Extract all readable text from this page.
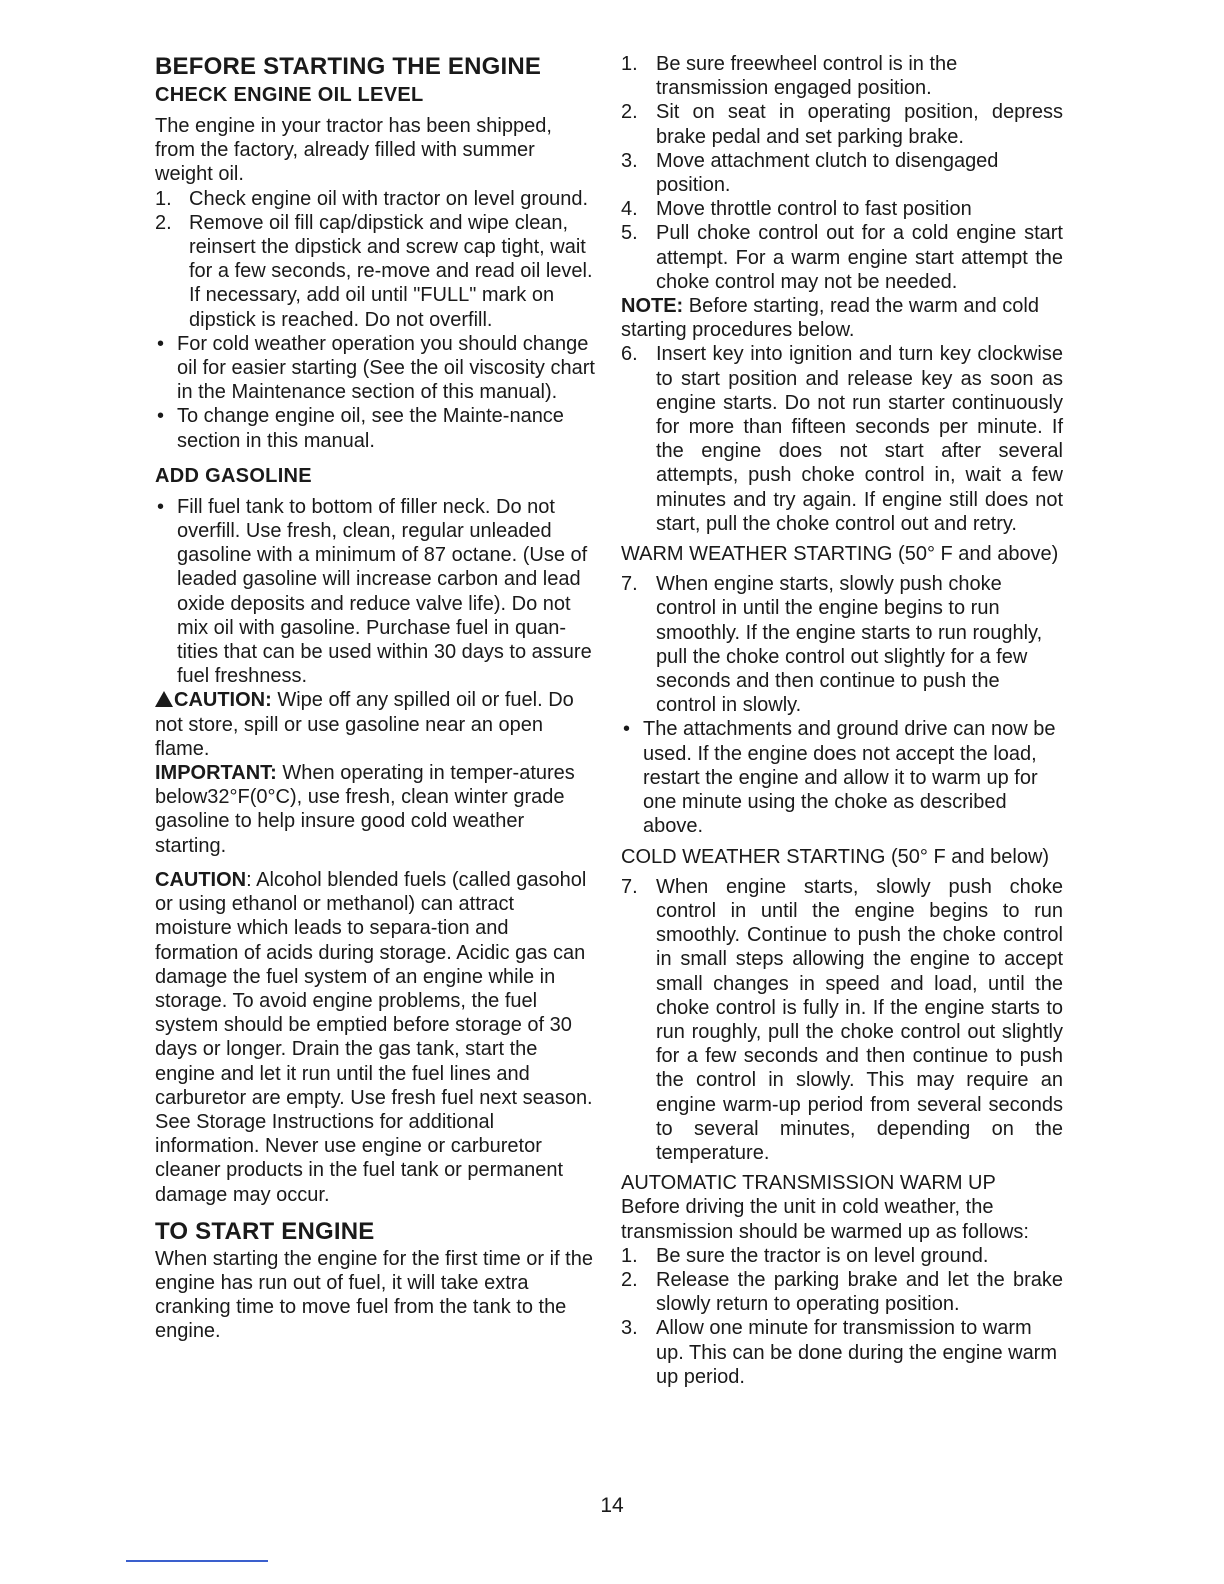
BEFORE STARTING THE ENGINE
CHECK ENGINE OIL LEVEL

The engine in your tractor has been shipped, from the factory, already filled with summer weight oil.

1. Check engine oil with tractor on level ground.
2. Remove oil fill cap/dipstick and wipe clean, reinsert the dipstick and screw cap tight, wait for a few seconds, re-move and read oil level. If necessary, add oil until "FULL" mark on dipstick is reached. Do not overfill.
• For cold weather operation you should change oil for easier starting (See the oil viscosity chart in the Maintenance section of this manual).
• To change engine oil, see the Mainte-nance section in this manual.
ADD GASOLINE
• Fill fuel tank to bottom of filler neck. Do not overfill. Use fresh, clean, regular unleaded gasoline with a minimum of 87 octane. (Use of leaded gasoline will increase carbon and lead oxide deposits and reduce valve life). Do not mix oil with gasoline. Purchase fuel in quan-tities that can be used within 30 days to assure fuel freshness.

CAUTION: Wipe off any spilled oil or fuel. Do not store, spill or use gasoline near an open flame.

IMPORTANT: When operating in temper-atures below32°F(0°C), use fresh, clean winter grade gasoline to help insure good cold weather starting.

CAUTION: Alcohol blended fuels (called gasohol or using ethanol or methanol) can attract moisture which leads to separa-tion and formation of acids during storage. Acidic gas can damage the fuel system of an engine while in storage. To avoid engine problems, the fuel system should be emptied before storage of 30 days or longer. Drain the gas tank, start the engine and let it run until the fuel lines and carburetor are empty. Use fresh fuel next season. See Storage Instructions for additional information. Never use engine or carburetor cleaner products in the fuel tank or permanent damage may occur.

TO START ENGINE

When starting the engine for the first time or if the engine has run out of fuel, it will take extra cranking time to move fuel from the tank to the engine.

1. Be sure freewheel control is in the transmission engaged position.
2. Sit on seat in operating position, depress brake pedal and set parking brake.
3. Move attachment clutch to disengaged position.
4. Move throttle control to fast position
5. Pull choke control out for a cold engine start attempt. For a warm engine start attempt the choke control may not be needed.

NOTE: Before starting, read the warm and cold starting procedures below.

6. Insert key into ignition and turn key clockwise to start position and release key as soon as engine starts. Do not run starter continuously for more than fifteen seconds per minute. If the engine does not start after several attempts, push choke control in, wait a few minutes and try again. If engine still does not start, pull the choke control out and retry.

WARM WEATHER STARTING (50° F and above)

7. When engine starts, slowly push choke control in until the engine begins to run smoothly. If the engine starts to run roughly, pull the choke control out slightly for a few seconds and then continue to push the control in slowly.
• The attachments and ground drive can now be used. If the engine does not accept the load, restart the engine and allow it to warm up for one minute using the choke as described above.

COLD WEATHER STARTING (50° F and below)

7. When engine starts, slowly push choke control in until the engine begins to run smoothly. Continue to push the choke control in small steps allowing the engine to accept small changes in speed and load, until the choke control is fully in. If the engine starts to run roughly, pull the choke control out slightly for a few seconds and then continue to push the control in slowly. This may require an engine warm-up period from several seconds to several minutes, depending on the temperature.

AUTOMATIC TRANSMISSION WARM UP

Before driving the unit in cold weather, the transmission should be warmed up as follows:

1. Be sure the tractor is on level ground.
2. Release the parking brake and let the brake slowly return to operating position.
3. Allow one minute for transmission to warm up. This can be done during the engine warm up period.
14
